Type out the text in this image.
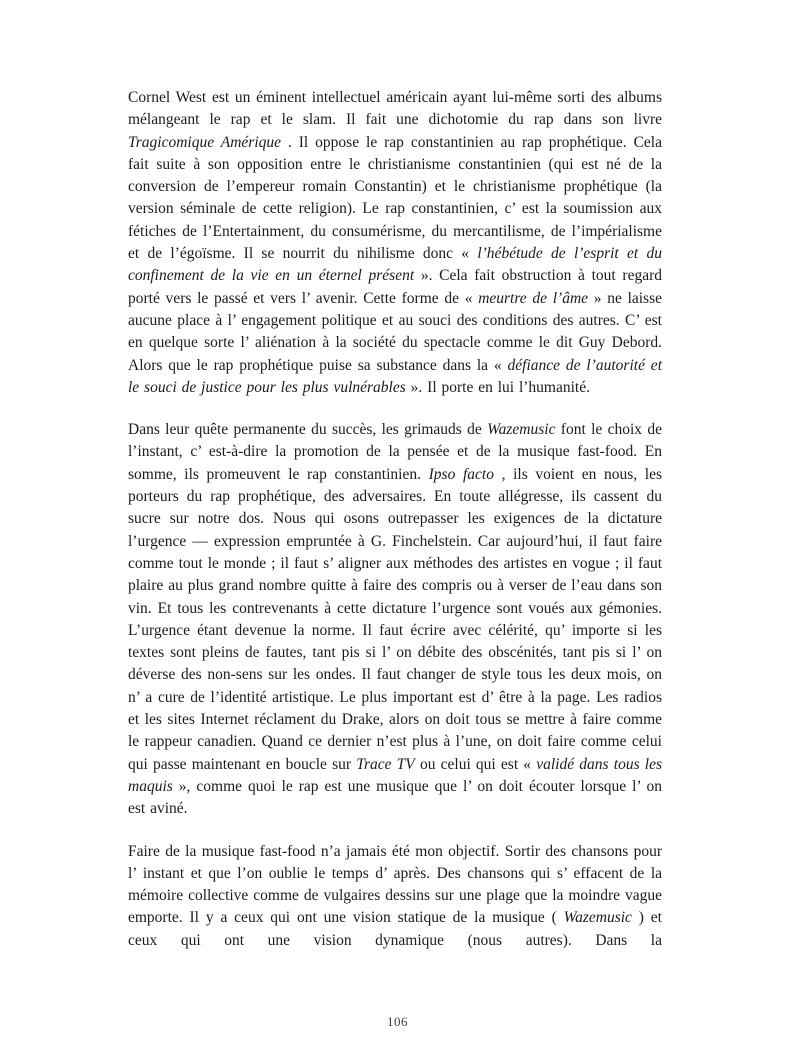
Cornel West est un éminent intellectuel américain ayant lui-même sorti des albums mélangeant le rap et le slam. Il fait une dichotomie du rap dans son livre Tragicomique Amérique . Il oppose le rap constantinien au rap prophétique. Cela fait suite à son opposition entre le christianisme constantinien (qui est né de la conversion de l’empereur romain Constantin) et le christianisme prophétique (la version séminale de cette religion). Le rap constantinien, c’ est la soumission aux fétiches de l’Entertainment, du consumérisme, du mercantilisme, de l’impérialisme et de l’égoïsme. Il se nourrit du nihilisme donc « l’hébétude de l’esprit et du confinement de la vie en un éternel présent ». Cela fait obstruction à tout regard porté vers le passé et vers l’ avenir. Cette forme de « meurtre de l’âme » ne laisse aucune place à l’ engagement politique et au souci des conditions des autres. C’ est en quelque sorte l’ aliénation à la société du spectacle comme le dit Guy Debord. Alors que le rap prophétique puise sa substance dans la « défiance de l’autorité et le souci de justice pour les plus vulnérables ». Il porte en lui l’humanité.

Dans leur quête permanente du succès, les grimauds de Wazemusic font le choix de l’instant, c’ est-à-dire la promotion de la pensée et de la musique fast-food. En somme, ils promeuvent le rap constantinien. Ipso facto , ils voient en nous, les porteurs du rap prophétique, des adversaires. En toute allégresse, ils cassent du sucre sur notre dos. Nous qui osons outrepasser les exigences de la dictature l’urgence — expression empruntée à G. Finchelstein. Car aujourd’hui, il faut faire comme tout le monde ; il faut s’ aligner aux méthodes des artistes en vogue ; il faut plaire au plus grand nombre quitte à faire des compris ou à verser de l’eau dans son vin. Et tous les contrevenants à cette dictature l’urgence sont voués aux gémonies. L’urgence étant devenue la norme. Il faut écrire avec célérité, qu’ importe si les textes sont pleins de fautes, tant pis si l’ on débite des obscénités, tant pis si l’ on déverse des non-sens sur les ondes. Il faut changer de style tous les deux mois, on n’ a cure de l’identité artistique. Le plus important est d’ être à la page. Les radios et les sites Internet réclament du Drake, alors on doit tous se mettre à faire comme le rappeur canadien. Quand ce dernier n’est plus à l’une, on doit faire comme celui qui passe maintenant en boucle sur Trace TV ou celui qui est « validé dans tous les maquis », comme quoi le rap est une musique que l’ on doit écouter lorsque l’ on est aviné.

Faire de la musique fast-food n’a jamais été mon objectif. Sortir des chansons pour l’ instant et que l’on oublie le temps d’ après. Des chansons qui s’ effacent de la mémoire collective comme de vulgaires dessins sur une plage que la moindre vague emporte. Il y a ceux qui ont une vision statique de la musique ( Wazemusic ) et ceux qui ont une vision dynamique (nous autres). Dans la

106
